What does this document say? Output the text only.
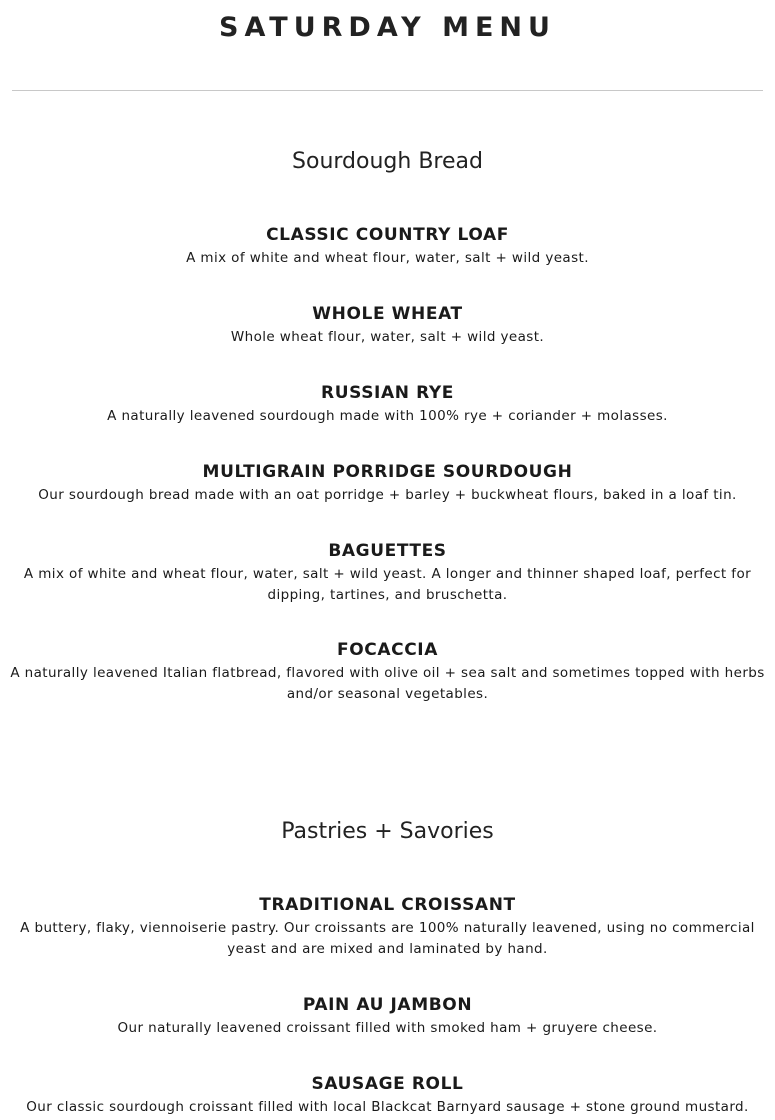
SATURDAY MENU
Sourdough Bread
CLASSIC COUNTRY LOAF
A mix of white and wheat flour, water, salt + wild yeast.
WHOLE WHEAT
Whole wheat flour, water, salt + wild yeast.
RUSSIAN RYE
A naturally leavened sourdough made with 100% rye + coriander + molasses.
MULTIGRAIN PORRIDGE SOURDOUGH
Our sourdough bread made with an oat porridge + barley + buckwheat flours, baked in a loaf tin.
BAGUETTES
A mix of white and wheat flour, water, salt + wild yeast. A longer and thinner shaped loaf, perfect for dipping, tartines, and bruschetta.
FOCACCIA
A naturally leavened Italian flatbread, flavored with olive oil + sea salt and sometimes topped with herbs and/or seasonal vegetables.
Pastries + Savories
TRADITIONAL CROISSANT
A buttery, flaky, viennoiserie pastry. Our croissants are 100% naturally leavened, using no commercial yeast and are mixed and laminated by hand.
PAIN AU JAMBON
Our naturally leavened croissant filled with smoked ham + gruyere cheese.
SAUSAGE ROLL
Our classic sourdough croissant filled with local Blackcat Barnyard sausage + stone ground mustard.
